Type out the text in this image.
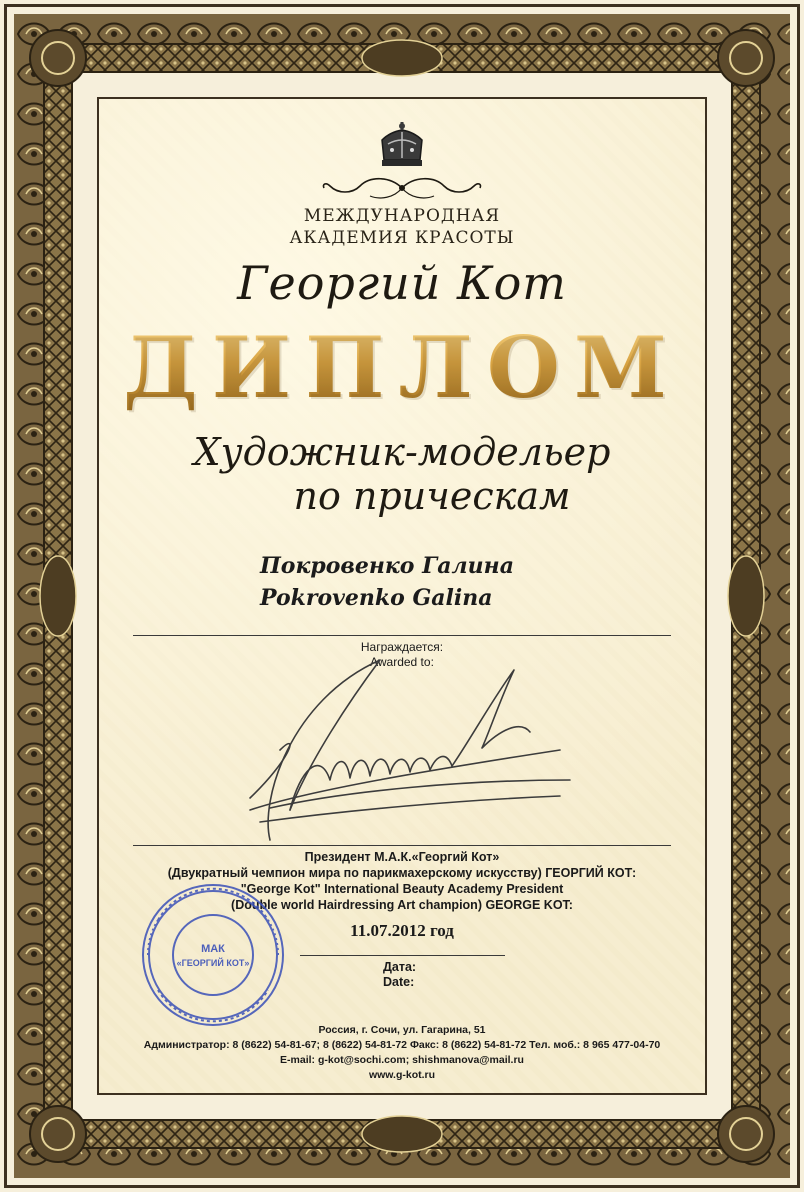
МЕЖДУНАРОДНАЯ
АКАДЕМИЯ КРАСОТЫ
Георгий Кот
ДИПЛОМ
Художник-модельер
по прическам
Покровенко Галина
Pokrovenko Galina
Награждается:
Awarded to:
Президент М.А.К.«Георгий Кот»
(Двукратный чемпион мира по парикмахерскому искусству) ГЕОРГИЙ КОТ:
"George Kot" International Beauty Academy President
(Double world Hairdressing Art champion) GEORGE KOT:
11.07.2012 год
Дата:
Date:
МАК
«ГЕОРГИЙ КОТ»
Россия, г. Сочи, ул. Гагарина, 51
Администратор: 8 (8622) 54-81-67; 8 (8622) 54-81-72 Факс: 8 (8622) 54-81-72 Тел. моб.: 8 965 477-04-70
E-mail: g-kot@sochi.com; shishmanova@mail.ru
www.g-kot.ru
